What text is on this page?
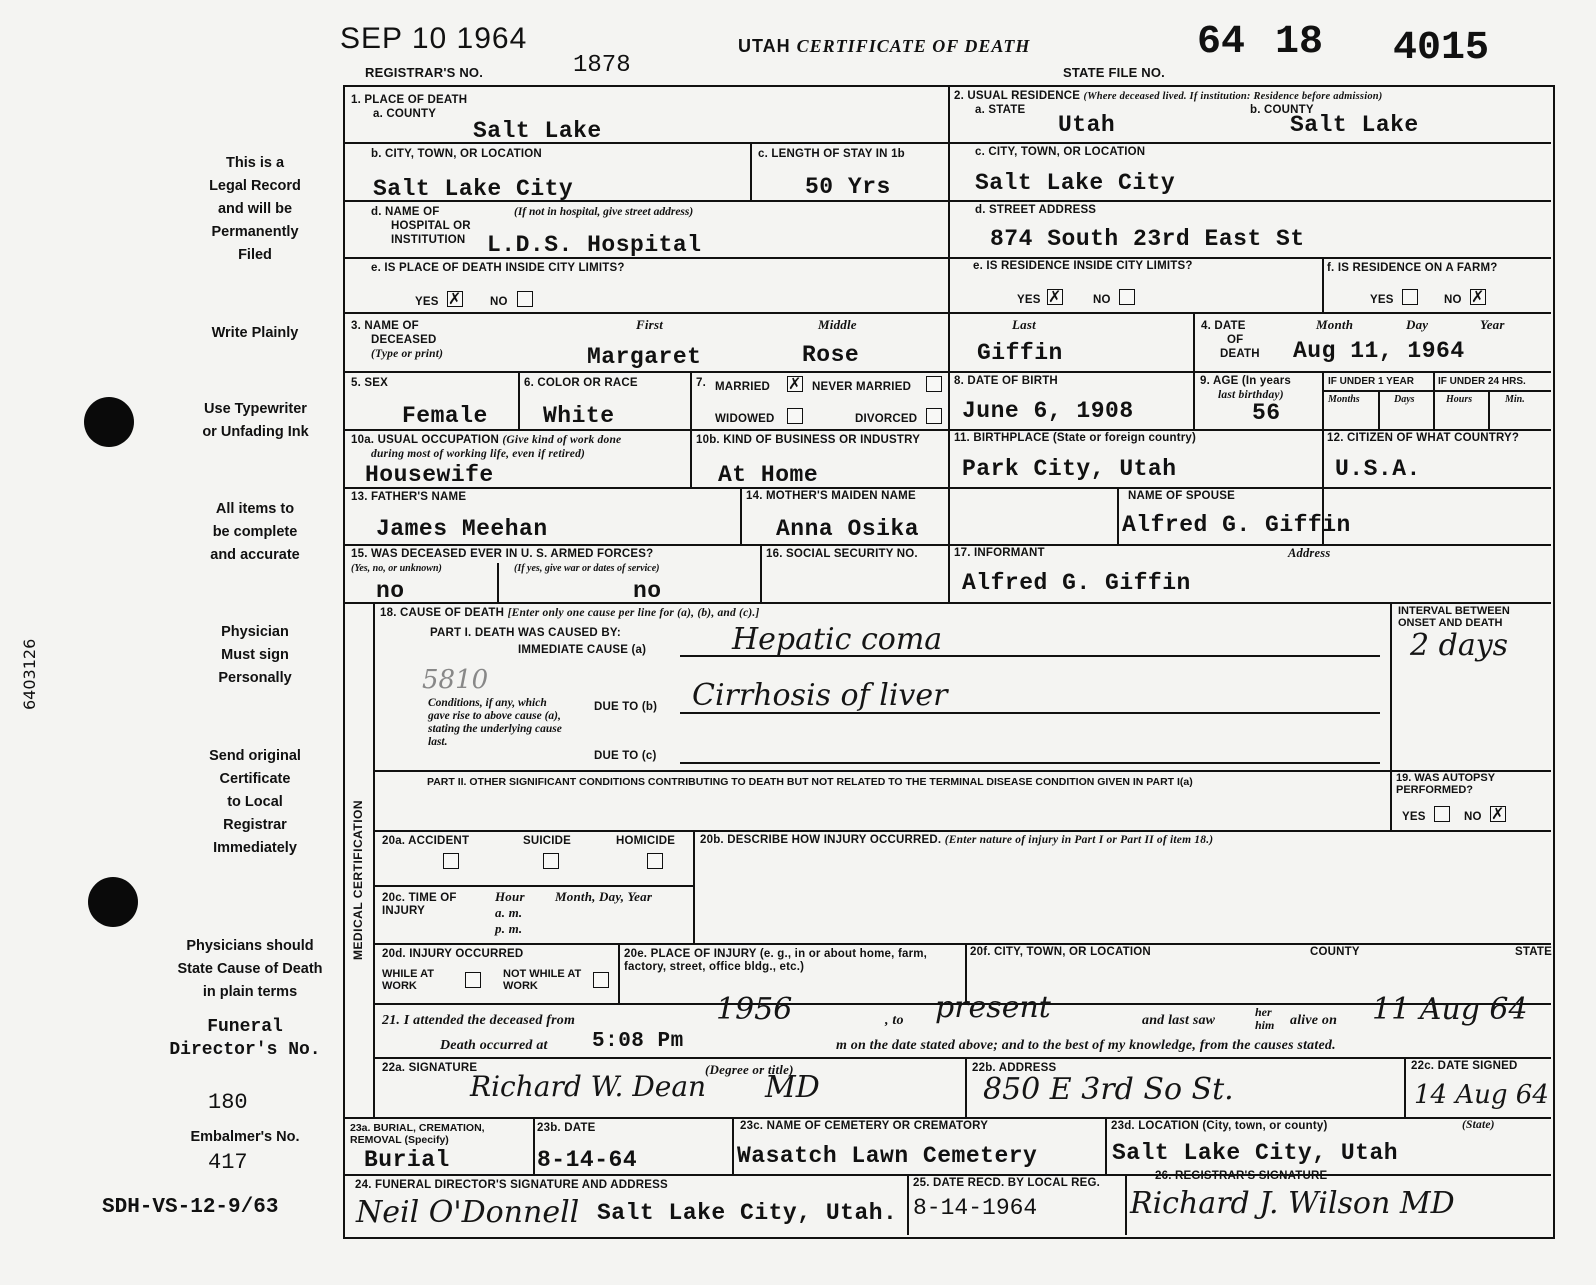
SEP 10 1964
REGISTRAR'S NO.	1878
UTAH CERTIFICATE OF DEATH
STATE FILE NO.
64 18 4015
This is a
Legal Record
and will be
Permanently
Filed
Write Plainly
Use Typewriter
or Unfading Ink
All items to
be complete
and accurate
Physician
Must sign
Personally
Send original
Certificate
to Local
Registrar
Immediately
Physicians should
State Cause of Death
in plain terms
Funeral
Director's No.
180
Embalmer's No.
417
SDH-VS-12-9/63
6403126
1. PLACE OF DEATH
a. COUNTY
Salt Lake
2. USUAL RESIDENCE (Where deceased lived. If institution: Residence before admission)
a. STATE
Utah
b. COUNTY
Salt Lake
b. CITY, TOWN, OR LOCATION
Salt Lake City
c. LENGTH OF STAY IN 1b
50 Yrs
c. CITY, TOWN, OR LOCATION
Salt Lake City
d. NAME OF
HOSPITAL OR
INSTITUTION
(If not in hospital, give street address)
L.D.S. Hospital
d. STREET ADDRESS
874 South 23rd East St
e. IS PLACE OF DEATH INSIDE CITY LIMITS?
YES ✗ NO
e. IS RESIDENCE INSIDE CITY LIMITS?
YES ✗	NO
f. IS RESIDENCE ON A FARM?
YES	NO ✗
3. NAME OF
DECEASED
(Type or print)
First	Middle	Last
Margaret	Rose	Giffin
4. DATE
OF
DEATH
Month	Day	Year
Aug 11, 1964
5. SEX
Female
6. COLOR OR RACE
White
7. MARRIED ✗ NEVER MARRIED
WIDOWED	DIVORCED
8. DATE OF BIRTH
June 6, 1908
9. AGE (In years
last birthday)
56
IF UNDER 1 YEAR IF UNDER 24 HRS.
Months	Days	Hours	Min.
10a. USUAL OCCUPATION (Give kind of work done
during most of working life, even if retired)
Housewife
10b. KIND OF BUSINESS OR INDUSTRY
At Home
11. BIRTHPLACE (State or foreign country)
Park City, Utah
12. CITIZEN OF WHAT COUNTRY?
U.S.A.
13. FATHER'S NAME
James Meehan
14. MOTHER'S MAIDEN NAME
Anna Osika
NAME OF SPOUSE
Alfred G. Giffin
15. WAS DECEASED EVER IN U. S. ARMED FORCES?
(Yes, no, or unknown)	(If yes, give war or dates of service)
no	no
16. SOCIAL SECURITY NO.	17. INFORMANT	Address
Alfred G. Giffin
MEDICAL CERTIFICATION
18. CAUSE OF DEATH [Enter only one cause per line for (a), (b), and (c).]
PART I. DEATH WAS CAUSED BY:
IMMEDIATE CAUSE (a)	Hepatic coma
5810
Conditions, if any, which gave rise to above cause (a), stating the underlying cause last.
DUE TO (b) Cirrhosis of liver
DUE TO (c)
INTERVAL BETWEEN ONSET AND DEATH
2 days
PART II. OTHER SIGNIFICANT CONDITIONS CONTRIBUTING TO DEATH BUT NOT RELATED TO THE TERMINAL DISEASE CONDITION GIVEN IN PART I(a)	19. WAS AUTOPSY PERFORMED?
YES	NO ✗
20a. ACCIDENT	SUICIDE	HOMICIDE 20b. DESCRIBE HOW INJURY OCCURRED. (Enter nature of injury in Part I or Part II of item 18.)
20c. TIME OF INJURY
Hour
a. m.
p. m.
Month, Day, Year
20d. INJURY OCCURRED
WHILE AT WORK
NOT WHILE AT WORK
20e. PLACE OF INJURY (e. g., in or about home, farm, factory, street, office bldg., etc.)
20f. CITY, TOWN, OR LOCATION	COUNTY	STATE
21. I attended the deceased from	1956	, to present	and last saw
her
him alive on 11 Aug 64
Death occurred at 5:08 Pm	m on the date stated above; and to the best of my knowledge, from the causes stated.
22a. SIGNATURE	(Degree or title)
Richard W. Dean MD
22b. ADDRESS
850 E 3rd So St.
22c. DATE SIGNED
14 Aug 64
23a. BURIAL, CREMATION, REMOVAL (Specify)
Burial
23b. DATE
8-14-64
23c. NAME OF CEMETERY OR CREMATORY
Wasatch Lawn Cemetery
23d. LOCATION (City, town, or county)	(State)
Salt Lake City, Utah
24. FUNERAL DIRECTOR'S SIGNATURE AND ADDRESS
Neil O'Donnell Salt Lake City, Utah.
25. DATE RECD. BY LOCAL REG.
8-14-1964
26. REGISTRAR'S SIGNATURE
Richard J. Wilson MD
